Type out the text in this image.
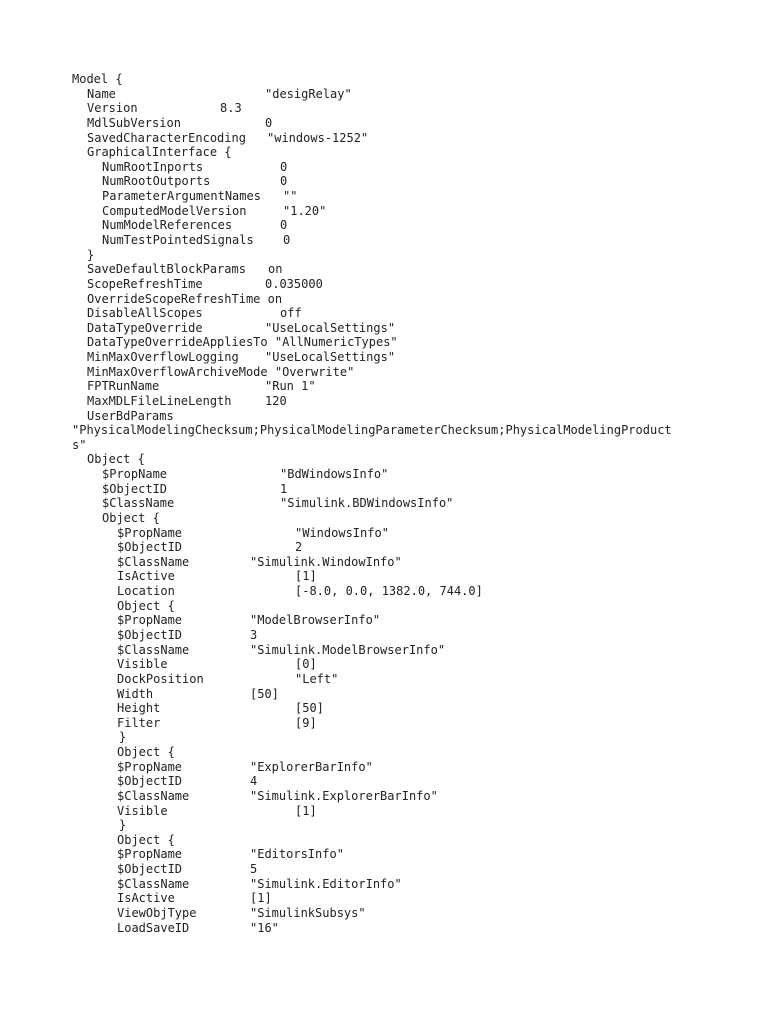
Model {
Name	"desigRelay"
Version	8.3
MdlSubVersion	0
SavedCharacterEncoding "windows-1252"
GraphicalInterface {
NumRootInports	0
NumRootOutports	0
ParameterArgumentNames ""
ComputedModelVersion	"1.20"
NumModelReferences	0
NumTestPointedSignals 0
}
SaveDefaultBlockParams on
ScopeRefreshTime	0.035000
OverrideScopeRefreshTime on
DisableAllScopes	off
DataTypeOverride	"UseLocalSettings"
DataTypeOverrideAppliesTo "AllNumericTypes"
MinMaxOverflowLogging "UseLocalSettings"
MinMaxOverflowArchiveMode "Overwrite"
FPTRunName	"Run 1"
MaxMDLFileLineLength	120
UserBdParams
"PhysicalModelingChecksum;PhysicalModelingParameterChecksum;PhysicalModelingProduct
s"
Object {
$PropName	"BdWindowsInfo"
$ObjectID	1
$ClassName	"Simulink.BDWindowsInfo"
Object {
$PropName	"WindowsInfo"
$ObjectID	2
$ClassName	"Simulink.WindowInfo"
IsActive	[1]
Location	[-8.0, 0.0, 1382.0, 744.0]
Object {
$PropName	"ModelBrowserInfo"
$ObjectID	3
$ClassName	"Simulink.ModelBrowserInfo"
Visible	[0]
DockPosition	"Left"
Width	[50]
Height	[50]
Filter	[9]
}
Object {
$PropName	"ExplorerBarInfo"
$ObjectID	4
$ClassName	"Simulink.ExplorerBarInfo"
Visible	[1]
}
Object {
$PropName	"EditorsInfo"
$ObjectID	5
$ClassName	"Simulink.EditorInfo"
IsActive	[1]
ViewObjType	"SimulinkSubsys"
LoadSaveID	"16"
